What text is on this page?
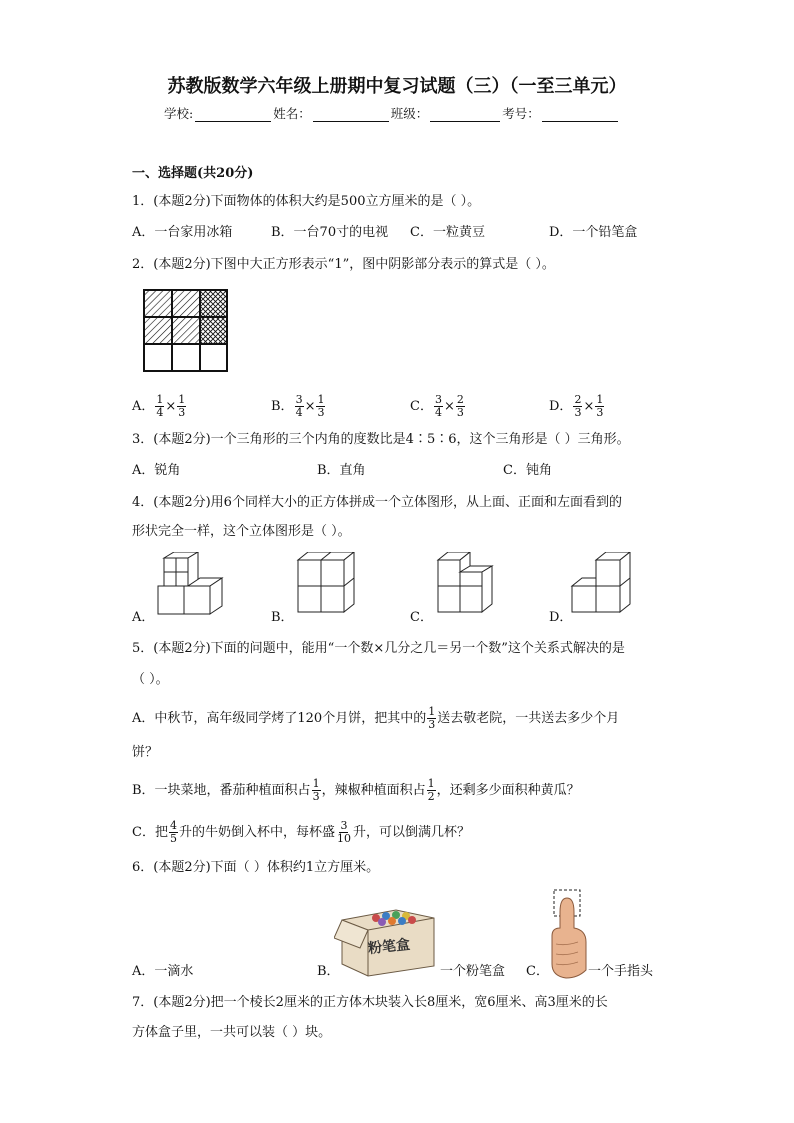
苏教版数学六年级上册期中复习试题（三）（一至三单元）
学校:	姓名：	班级：	考号：
一、选择题(共20分)
1．(本题2分)下面物体的体积大约是500立方厘米的是（ ）。
A．一台家用冰箱	B．一台70寸的电视 C．一粒黄豆	D．一个铅笔盒
2．(本题2分)下图中大正方形表示“1”，图中阴影部分表示的算式是（ ）。
A． $\frac{1}{4} \times \frac{1}{3}$	B． $\frac{3}{4} \times \frac{1}{3}$	C． $\frac{3}{4} \times \frac{2}{3}$	D． $\frac{2}{3} \times \frac{1}{3}$
3．(本题2分)一个三角形的三个内角的度数比是4∶5∶6，这个三角形是（ ）三角形。
A．锐角	B．直角	C．钝角
4．(本题2分)用6个同样大小的正方体拼成一个立体图形，从上面、正面和左面看到的
形状完全一样，这个立体图形是（ ）。
A．	B．	C．	D．
5．(本题2分)下面的问题中，能用“一个数×几分之几＝另一个数”这个关系式解决的是
（ ）。
A．中秋节，高年级同学烤了120个月饼，把其中的 $\frac{1}{3}$ 送去敬老院，一共送去多少个月
饼？
B．一块菜地，番茄种植面积占 $\frac{1}{3}$ ，辣椒种植面积占 $\frac{1}{2}$ ，还剩多少面积种黄瓜？
C．把 $\frac{4}{5}$ 升的牛奶倒入杯中，每杯盛 $\frac{3}{10}$ 升，可以倒满几杯？
6．(本题2分)下面（ ）体积约1立方厘米。
A．一滴水	B．
粉笔盒
一个粉笔盒 C．	一个手指头
7．(本题2分)把一个棱长2厘米的正方体木块装入长8厘米，宽6厘米、高3厘米的长
方体盒子里，一共可以装（ ）块。
